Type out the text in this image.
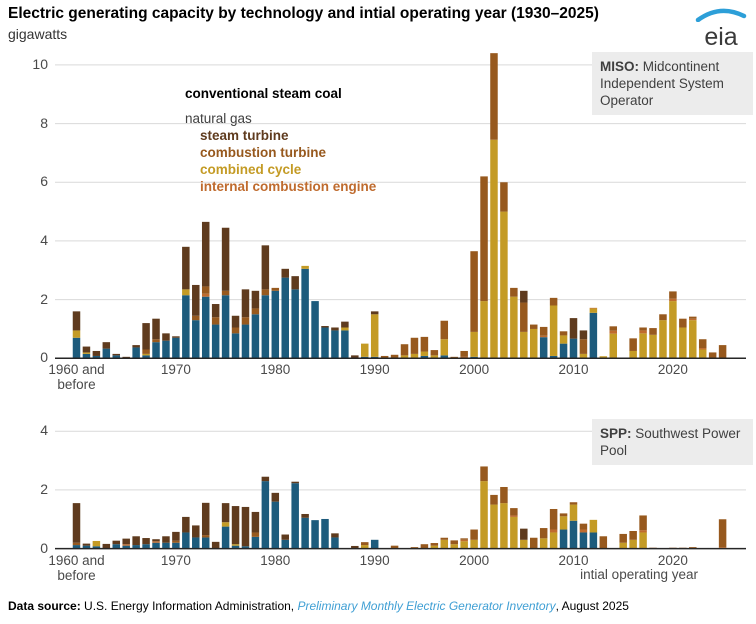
0
2
4
6
8
10
1960 and
before
1970	1980	1990	2000	2010	2020
0
2
4
1960 and
before
1970	1980	1990	2000	2010	2020
Electric generating capacity by technology and intial operating year (1930–2025)
gigawatts	eia
conventional steam coal
natural gas
steam turbine
combustion turbine
combined cycle
internal combustion engine
MISO: Midcontinent Independent System Operator
SPP: Southwest Power Pool
intial operating year
Data source: U.S. Energy Information Administration, Preliminary Monthly Electric Generator Inventory, August 2025
